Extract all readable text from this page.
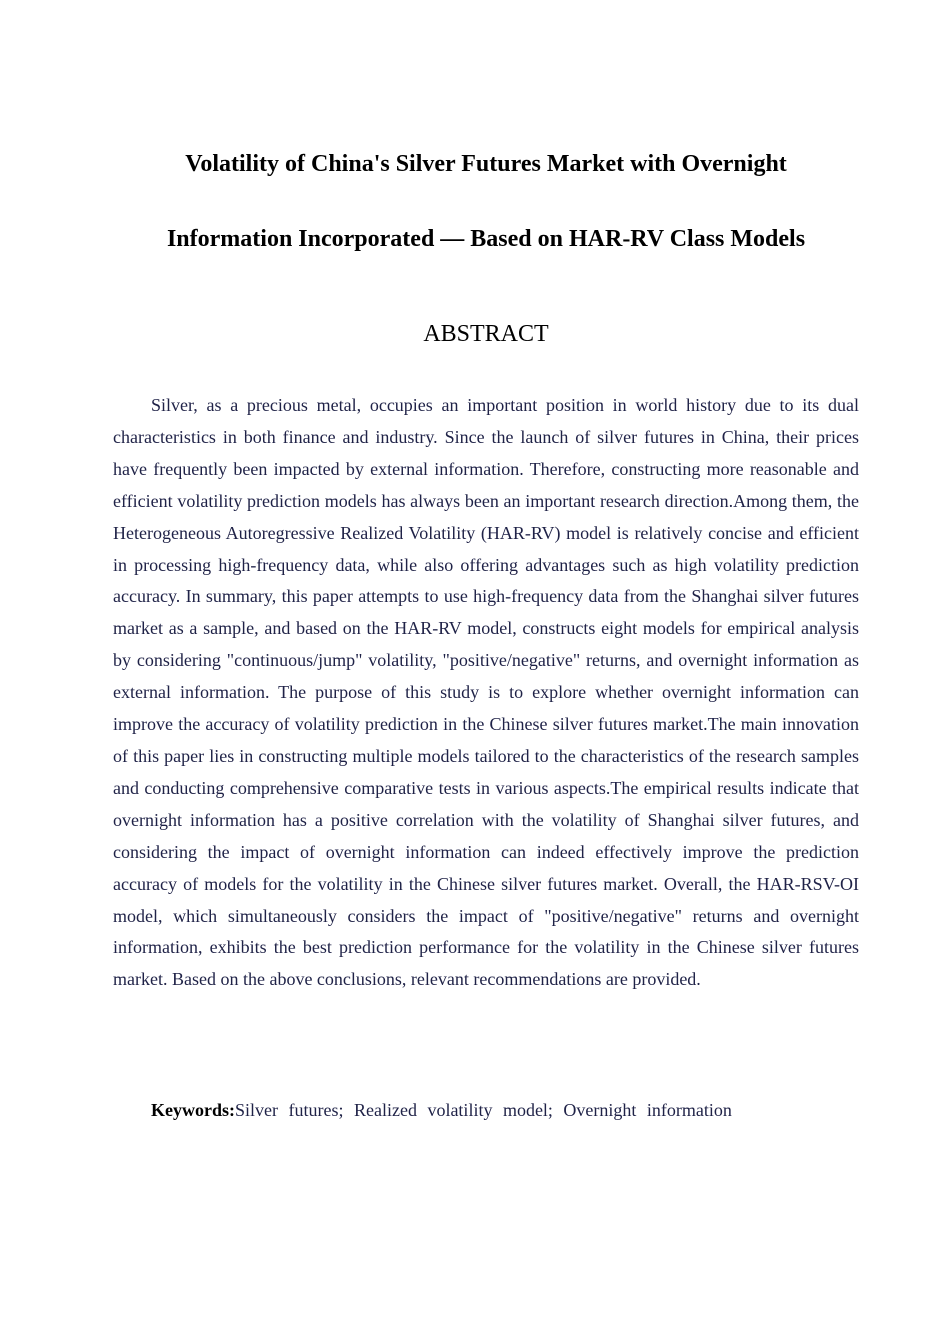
Volatility of China's Silver Futures Market with Overnight
Information Incorporated — Based on HAR-RV Class Models
ABSTRACT

Silver, as a precious metal, occupies an important position in world history due to its dual characteristics in both finance and industry. Since the launch of silver futures in China, their prices have frequently been impacted by external information. Therefore, constructing more reasonable and efficient volatility prediction models has always been an important research direction.Among them, the Heterogeneous Autoregressive Realized Volatility (HAR-RV) model is relatively concise and efficient in processing high-frequency data, while also offering advantages such as high volatility prediction accuracy. In summary, this paper attempts to use high-frequency data from the Shanghai silver futures market as a sample, and based on the HAR-RV model, constructs eight models for empirical analysis by considering "continuous/jump" volatility, "positive/negative" returns, and overnight information as external information. The purpose of this study is to explore whether overnight information can improve the accuracy of volatility prediction in the Chinese silver futures market.The main innovation of this paper lies in constructing multiple models tailored to the characteristics of the research samples and conducting comprehensive comparative tests in various aspects.The empirical results indicate that overnight information has a positive correlation with the volatility of Shanghai silver futures, and considering the impact of overnight information can indeed effectively improve the prediction accuracy of models for the volatility in the Chinese silver futures market. Overall, the HAR-RSV-OI model, which simultaneously considers the impact of "positive/negative" returns and overnight information, exhibits the best prediction performance for the volatility in the Chinese silver futures market. Based on the above conclusions, relevant recommendations are provided.

Keywords:Silver futures; Realized volatility model; Overnight information
